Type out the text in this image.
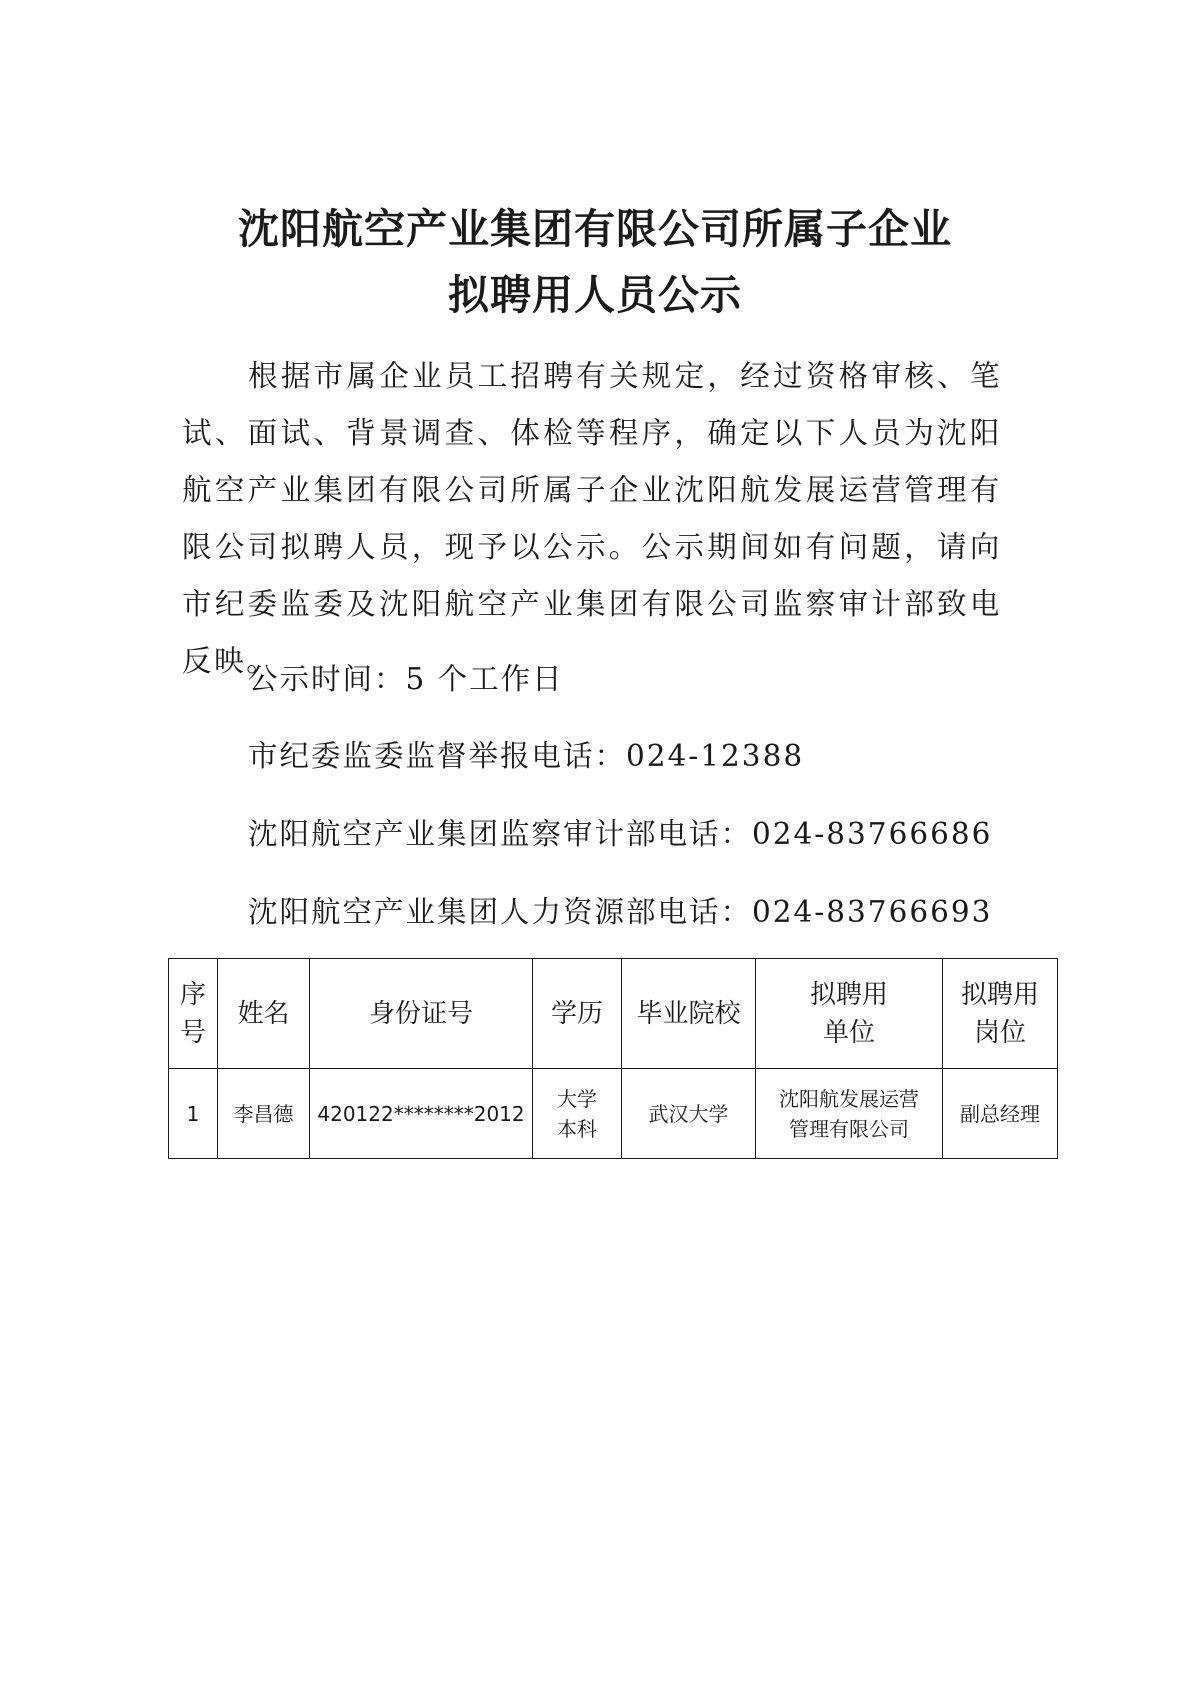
沈阳航空产业集团有限公司所属子企业
拟聘用人员公示

根据市属企业员工招聘有关规定，经过资格审核、笔试、面试、背景调查、体检等程序，确定以下人员为沈阳航空产业集团有限公司所属子企业沈阳航发展运营管理有限公司拟聘人员，现予以公示。公示期间如有问题，请向市纪委监委及沈阳航空产业集团有限公司监察审计部致电反映。

公示时间：5 个工作日
市纪委监委监督举报电话：024-12388
沈阳航空产业集团监察审计部电话：024-83766686
沈阳航空产业集团人力资源部电话：024-83766693
序号	姓名	身份证号	学历	毕业院校	拟聘用单位	拟聘用岗位

1	李昌德	420122********2012	大学本科	武汉大学	沈阳航发展运营管理有限公司	副总经理
